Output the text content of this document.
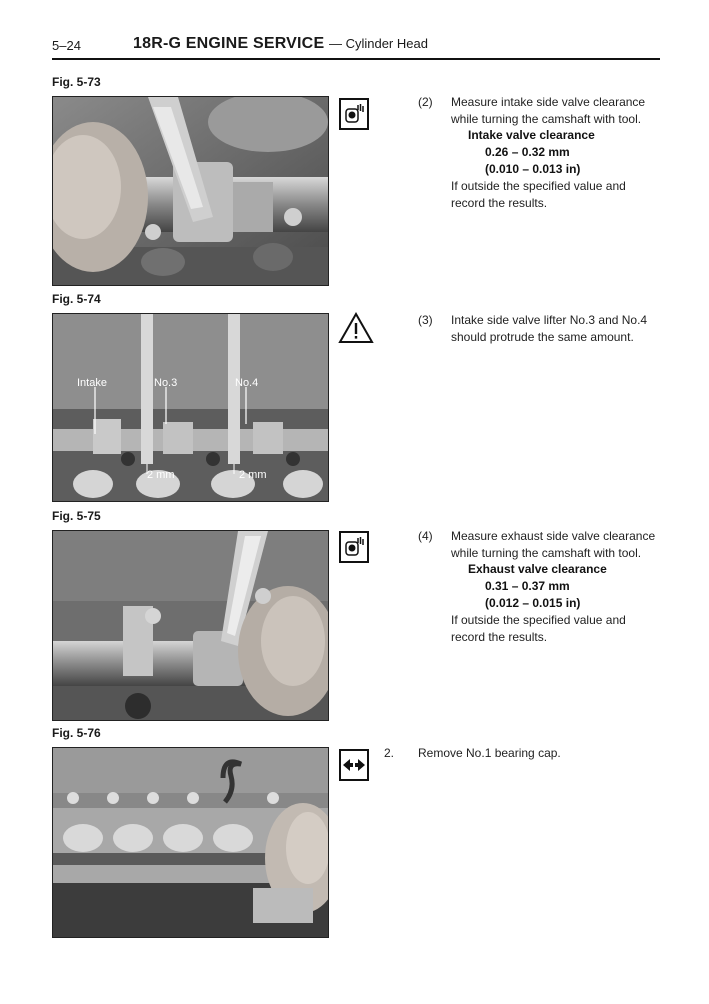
5–24	18R-G ENGINE SERVICE — Cylinder Head
Fig. 5-73
(2) Measure intake side valve clearance while turning the camshaft with tool.
Intake valve clearance
0.26 – 0.32 mm
(0.010 – 0.013 in)
If outside the specified value and record the results.
Fig. 5-74
Intake	No.3	No.4
2 mm	2 mm
(3) Intake side valve lifter No.3 and No.4 should protrude the same amount.
Fig. 5-75
(4) Measure exhaust side valve clearance while turning the camshaft with tool.
Exhaust valve clearance
0.31 – 0.37 mm
(0.012 – 0.015 in)
If outside the specified value and record the results.
Fig. 5-76
2. Remove No.1 bearing cap.
